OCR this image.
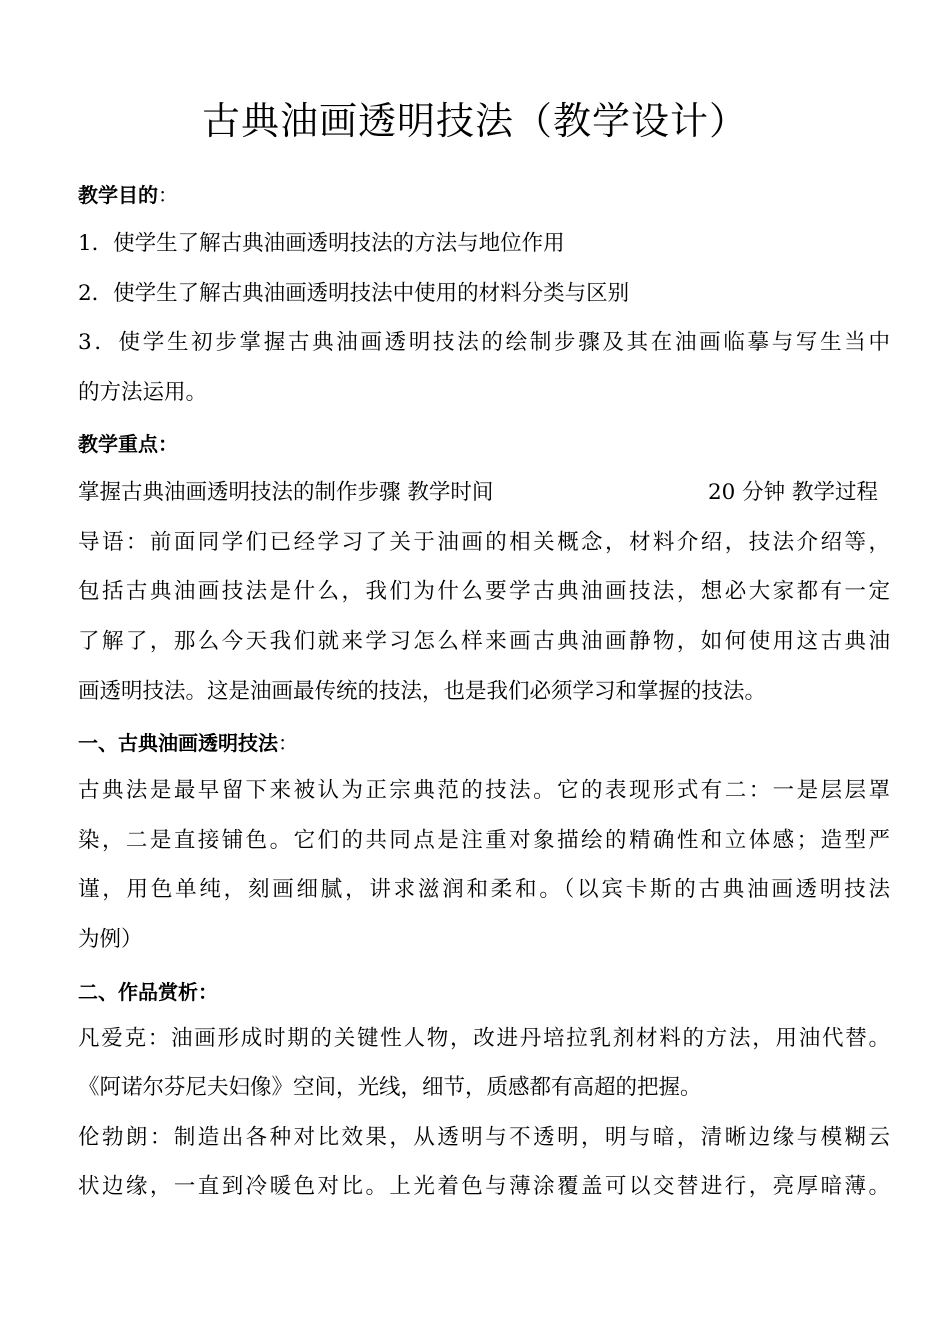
古典油画透明技法（教学设计）
教学目的：
1．使学生了解古典油画透明技法的方法与地位作用
2．使学生了解古典油画透明技法中使用的材料分类与区别
3．使学生初步掌握古典油画透明技法的绘制步骤及其在油画临摹与写生当中
的方法运用。
教学重点：
掌握古典油画透明技法的制作步骤 教学时间	20 分钟 教学过程
导语：前面同学们已经学习了关于油画的相关概念，材料介绍，技法介绍等，
包括古典油画技法是什么，我们为什么要学古典油画技法，想必大家都有一定
了解了，那么今天我们就来学习怎么样来画古典油画静物，如何使用这古典油
画透明技法。这是油画最传统的技法，也是我们必须学习和掌握的技法。
一、古典油画透明技法：
古典法是最早留下来被认为正宗典范的技法。它的表现形式有二：一是层层罩
染，二是直接铺色。它们的共同点是注重对象描绘的精确性和立体感；造型严
谨，用色单纯，刻画细腻，讲求滋润和柔和。（以宾卡斯的古典油画透明技法
为例）
二、作品赏析：
凡爱克：油画形成时期的关键性人物，改进丹培拉乳剂材料的方法，用油代替。
《阿诺尔芬尼夫妇像》空间，光线，细节，质感都有高超的把握。
伦勃朗：制造出各种对比效果，从透明与不透明，明与暗，清晰边缘与模糊云
状边缘，一直到冷暖色对比。上光着色与薄涂覆盖可以交替进行，亮厚暗薄。
